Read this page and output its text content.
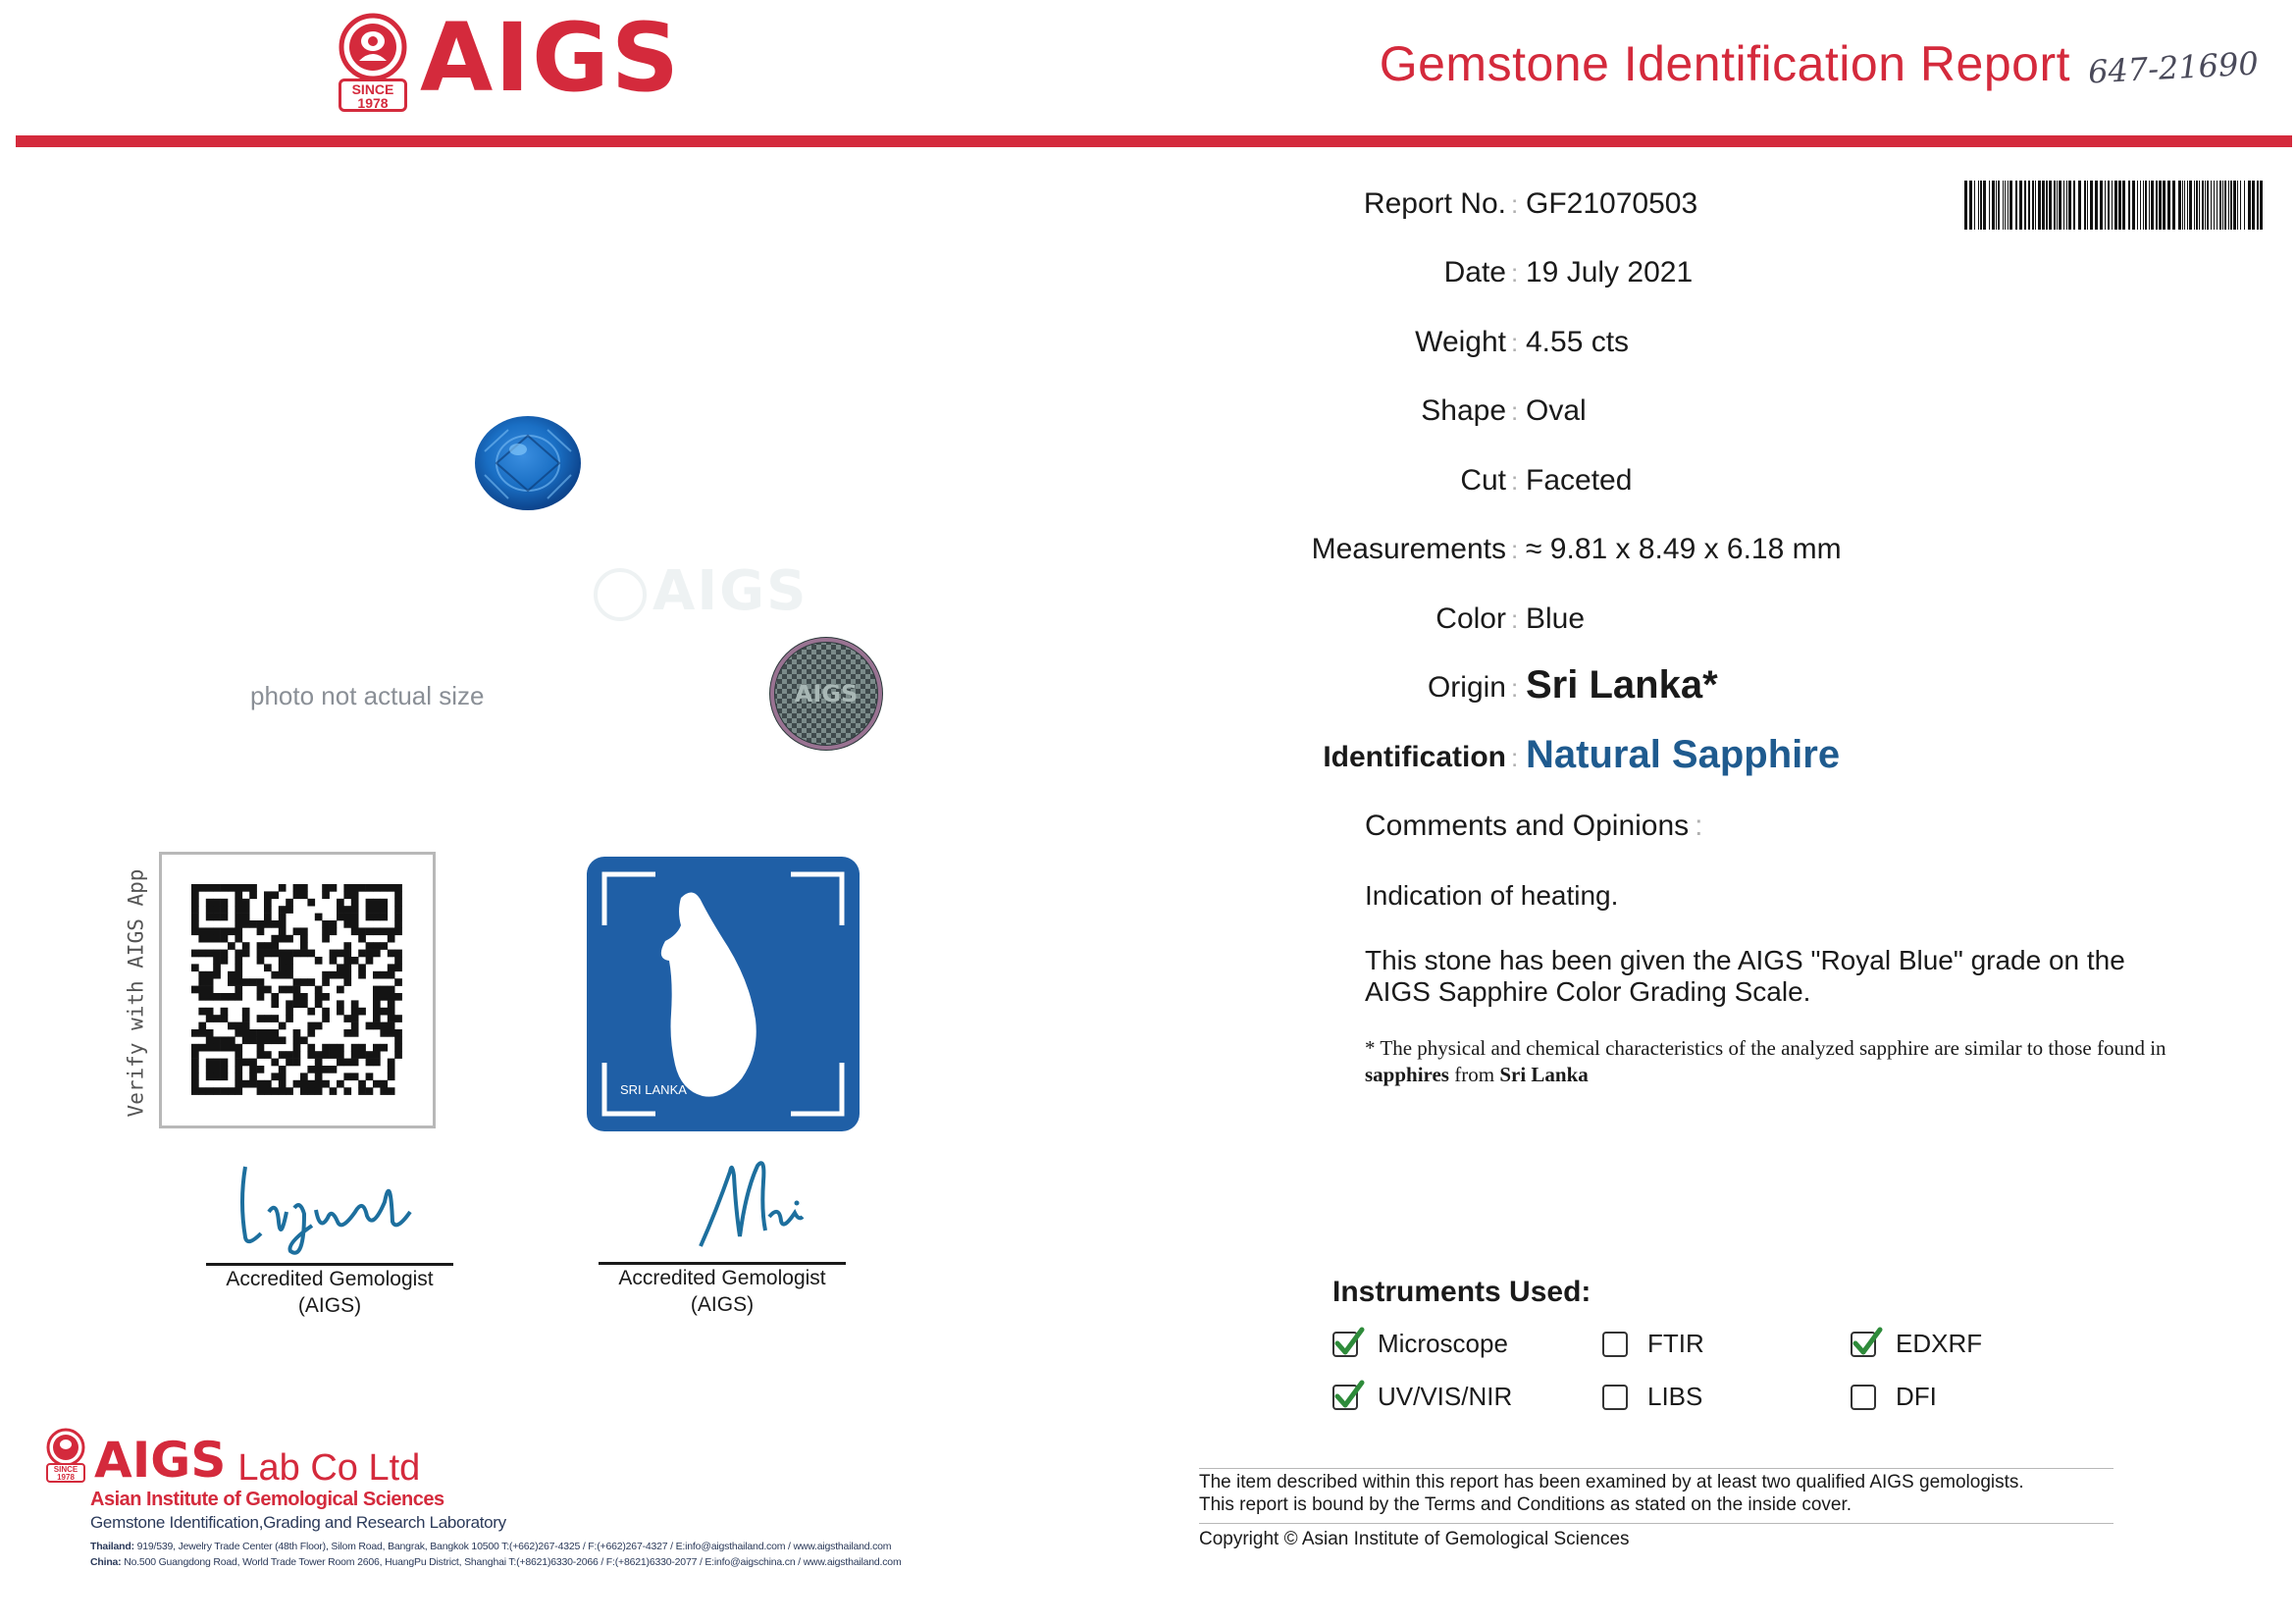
SINCE
1978 AIGS	Gemstone Identification Report 647-21690
AIGS
photo not actual size	AIGS
Verify with AIGS App	SRI LANKA
Accredited Gemologist
(AIGS)
Accredited Gemologist
(AIGS)
SINCE
1978 AIGS Lab Co Ltd
Asian Institute of Gemological Sciences
Gemstone Identification,Grading and Research Laboratory
Thailand: 919/539, Jewelry Trade Center (48th Floor), Silom Road, Bangrak, Bangkok 10500 T:(+662)267-4325 / F:(+662)267-4327 / E:info@aigsthailand.com / www.aigsthailand.com
China: No.500 Guangdong Road, World Trade Tower Room 2606, HuangPu District, Shanghai T:(+8621)6330-2066 / F:(+8621)6330-2077 / E:info@aigschina.cn / www.aigsthailand.com
Report No. : GF21070503
Date : 19 July 2021
Weight : 4.55 cts
Shape : Oval
Cut : Faceted
Measurements : ≈ 9.81 x 8.49 x 6.18 mm
Color : Blue
Origin : Sri Lanka*
Identification : Natural Sapphire
Comments and Opinions :
Indication of heating.
This stone has been given the AIGS "Royal Blue" grade on the AIGS Sapphire Color Grading Scale.
* The physical and chemical characteristics of the analyzed sapphire are similar to those found in sapphires from Sri Lanka
Instruments Used:
Microscope	FTIR	EDXRF
UV/VIS/NIR	LIBS	DFI
The item described within this report has been examined by at least two qualified AIGS gemologists.
This report is bound by the Terms and Conditions as stated on the inside cover.
Copyright © Asian Institute of Gemological Sciences
